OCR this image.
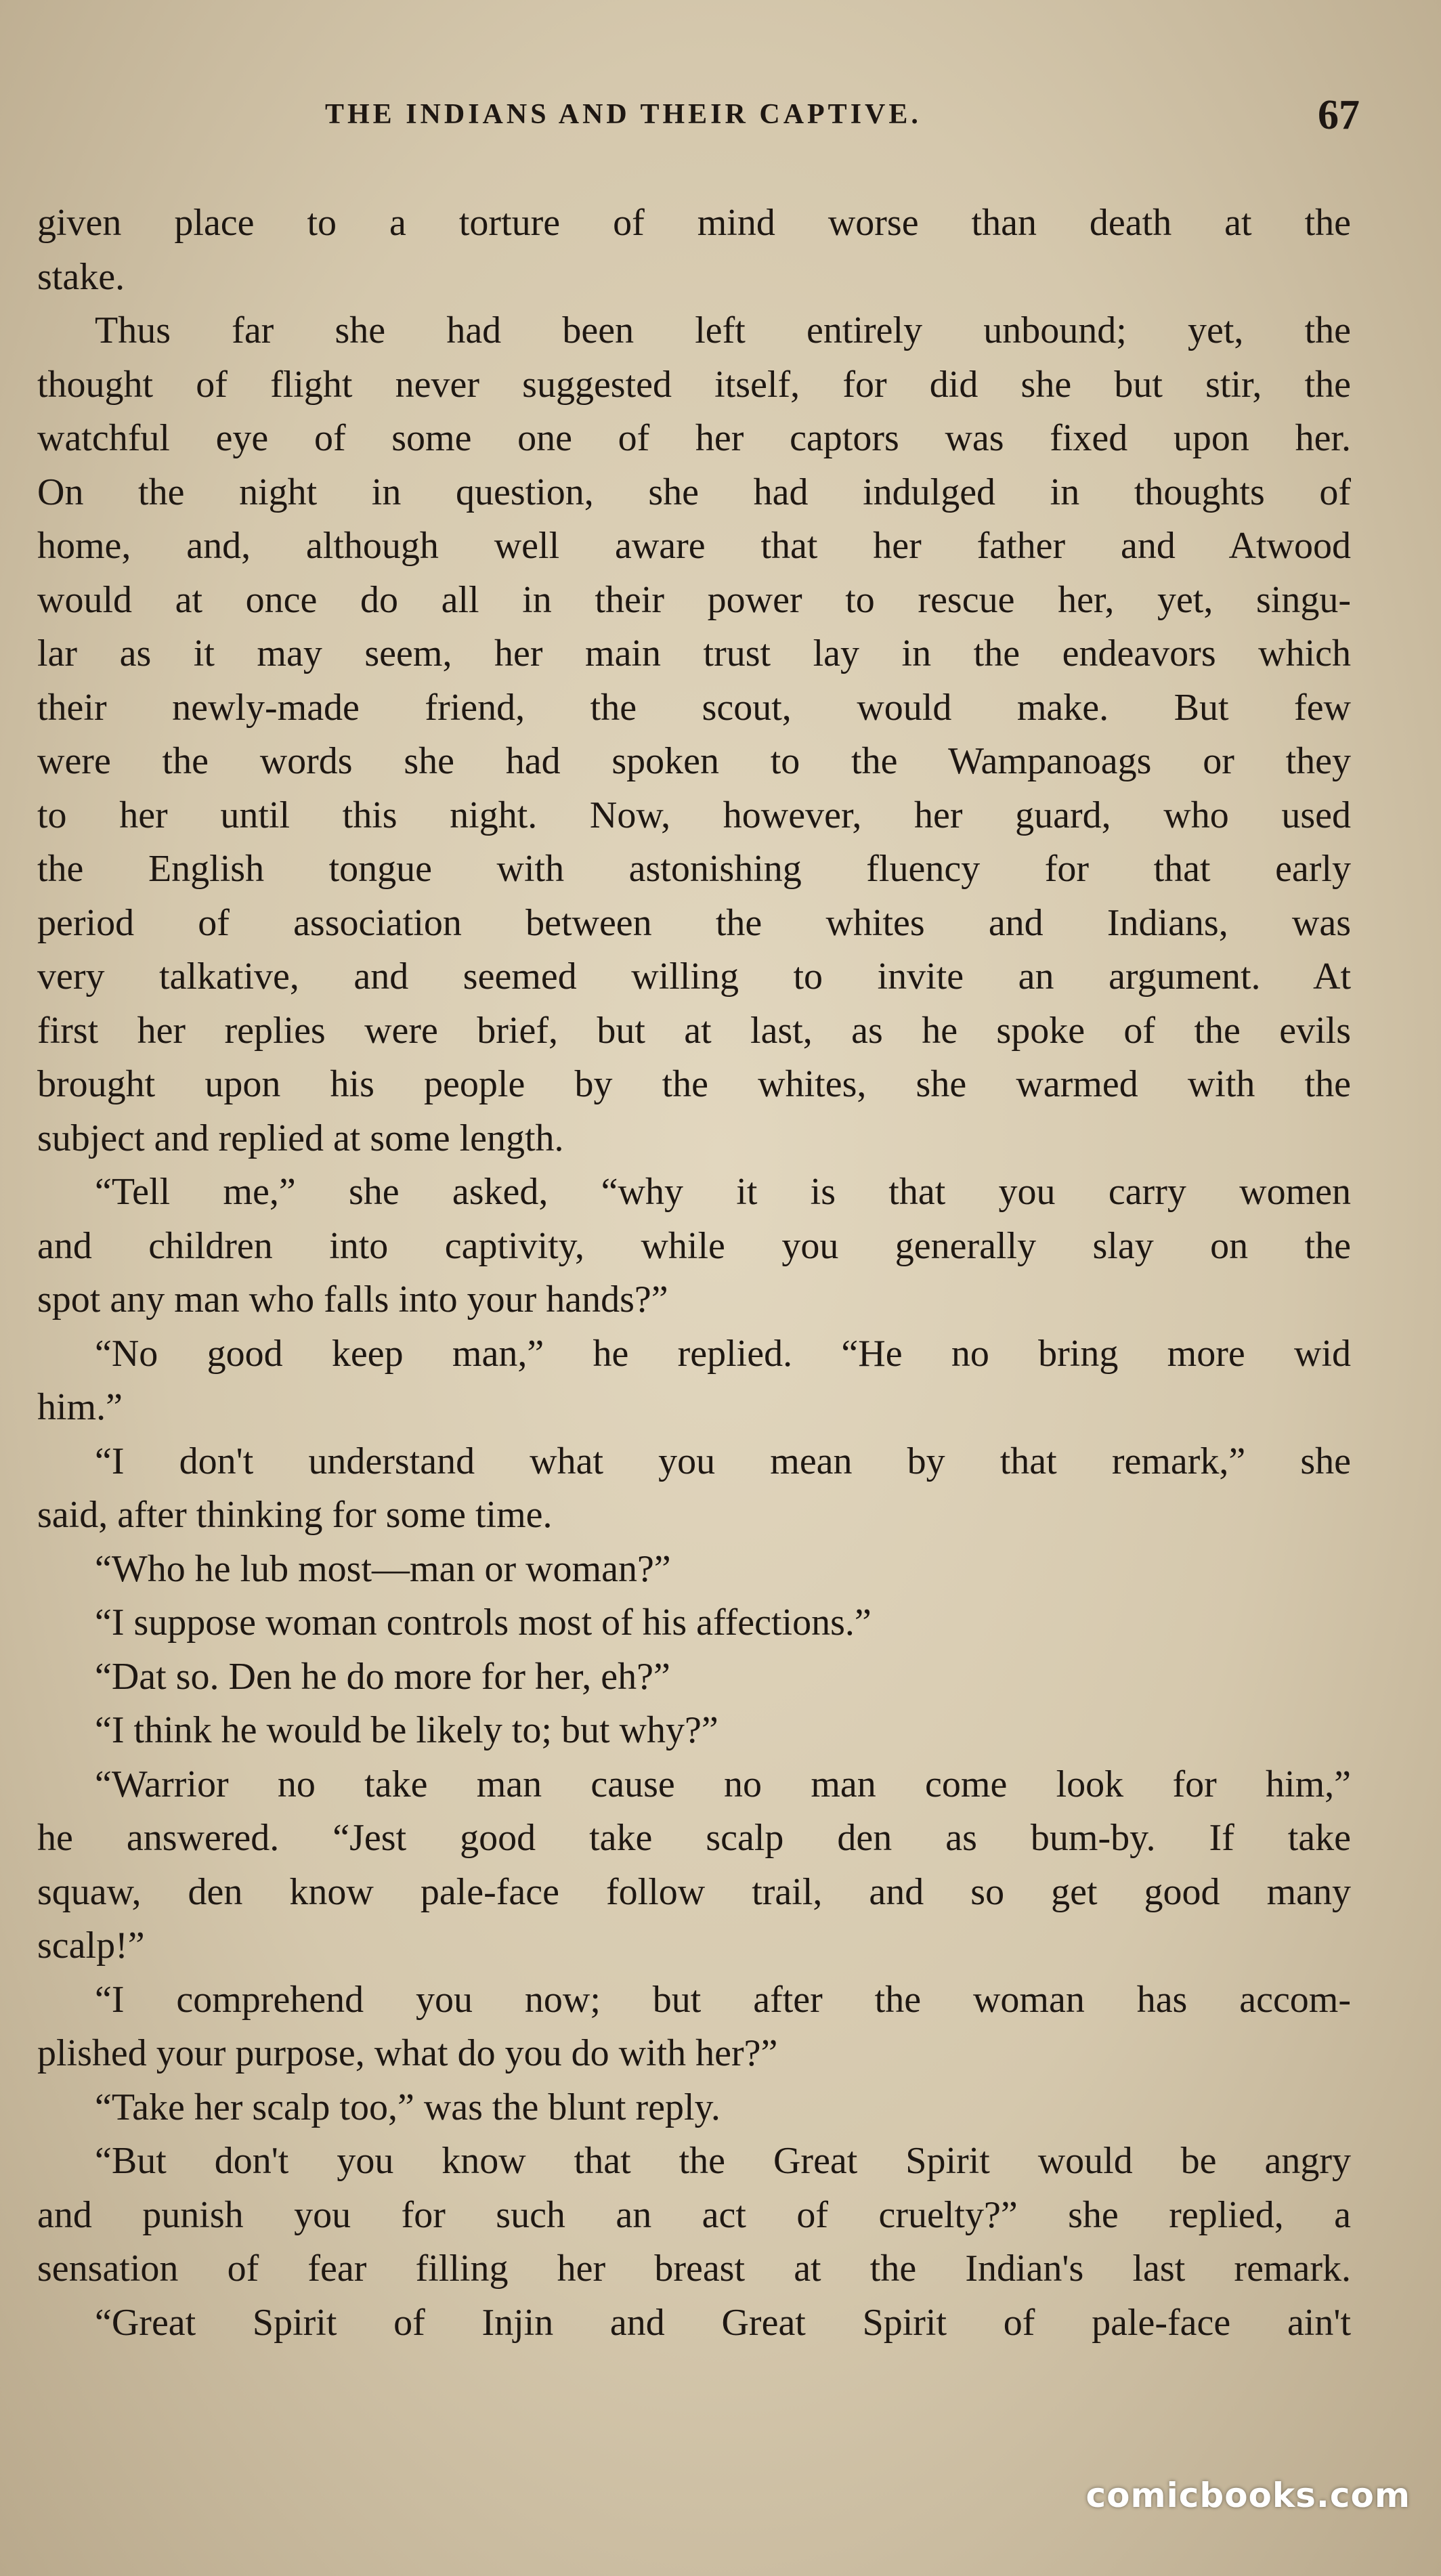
THE INDIANS AND THEIR CAPTIVE.	67
given place to a torture of mind worse than death at the
stake.
Thus far she had been left entirely unbound; yet, the
thought of flight never suggested itself, for did she but stir, the
watchful eye of some one of her captors was fixed upon her.
On the night in question, she had indulged in thoughts of
home, and, although well aware that her father and Atwood
would at once do all in their power to rescue her, yet, singu-
lar as it may seem, her main trust lay in the endeavors which
their newly-made friend, the scout, would make. But few
were the words she had spoken to the Wampanoags or they
to her until this night. Now, however, her guard, who used
the English tongue with astonishing fluency for that early
period of association between the whites and Indians, was
very talkative, and seemed willing to invite an argument. At
first her replies were brief, but at last, as he spoke of the evils
brought upon his people by the whites, she warmed with the
subject and replied at some length.
“Tell me,” she asked, “why it is that you carry women
and children into captivity, while you generally slay on the
spot any man who falls into your hands?”
“No good keep man,” he replied. “He no bring more wid
him.”
“I don't understand what you mean by that remark,” she
said, after thinking for some time.
“Who he lub most—man or woman?”
“I suppose woman controls most of his affections.”
“Dat so. Den he do more for her, eh?”
“I think he would be likely to; but why?”
“Warrior no take man cause no man come look for him,”
he answered. “Jest good take scalp den as bum-by. If take
squaw, den know pale-face follow trail, and so get good many
scalp!”
“I comprehend you now; but after the woman has accom-
plished your purpose, what do you do with her?”
“Take her scalp too,” was the blunt reply.
“But don't you know that the Great Spirit would be angry
and punish you for such an act of cruelty?” she replied, a
sensation of fear filling her breast at the Indian's last remark.
“Great Spirit of Injin and Great Spirit of pale-face ain't
comicbooks.com
